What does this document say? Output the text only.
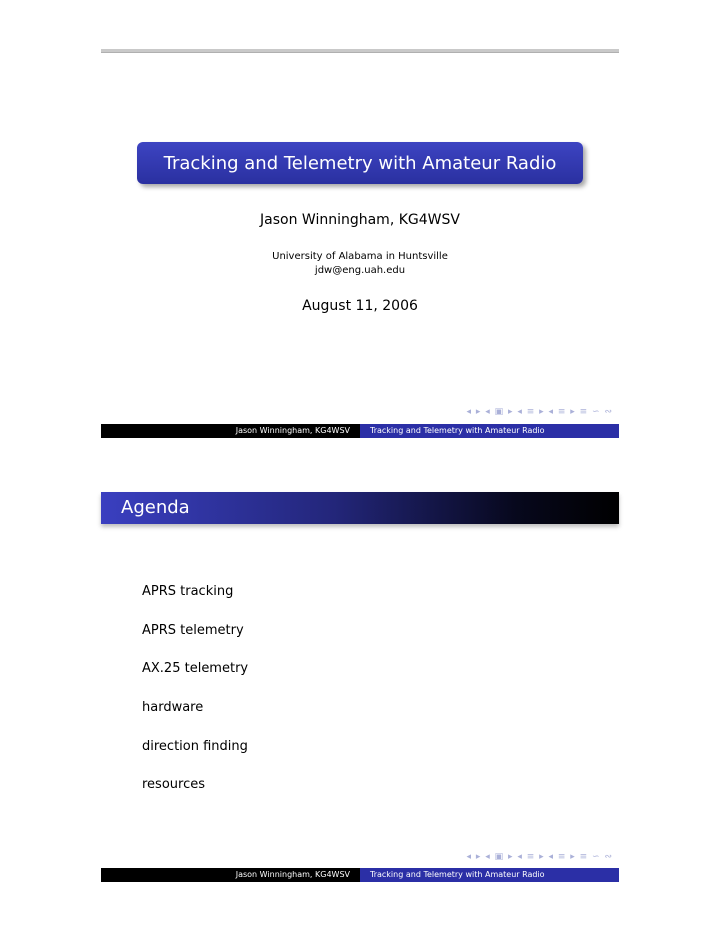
Tracking and Telemetry with Amateur Radio
Jason Winningham, KG4WSV
University of Alabama in Huntsville
jdw@eng.uah.edu
August 11, 2006
◂ ▸ ◂ ▣ ▸ ◂ ≡ ▸ ◂ ≡ ▸ ≡ ∽ ∾
Jason Winningham, KG4WSV	Tracking and Telemetry with Amateur Radio
Agenda
APRS tracking
APRS telemetry
AX.25 telemetry
hardware
direction finding
resources
◂ ▸ ◂ ▣ ▸ ◂ ≡ ▸ ◂ ≡ ▸ ≡ ∽ ∾
Jason Winningham, KG4WSV	Tracking and Telemetry with Amateur Radio
